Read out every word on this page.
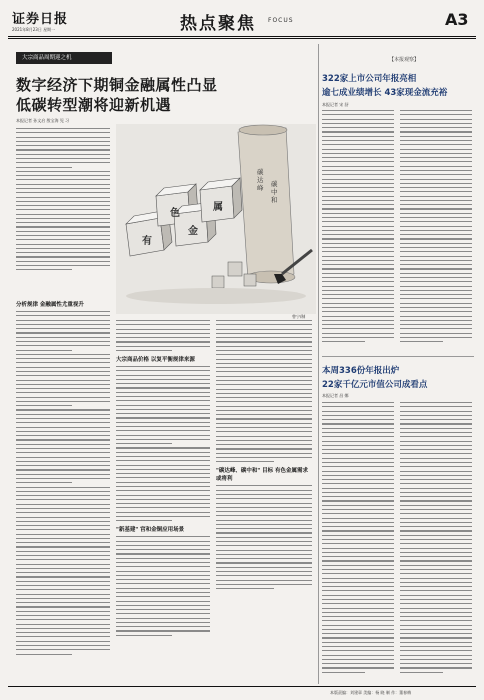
证券日报
2021年8月23日 星期一	热点聚焦 FOCUS	A3
大宗商品周期迎之机
数字经济下期铜金融属性凸显
低碳转型潮将迎新机遇
本报记者 孙文启 殷宝海 见 习
有
色
金
属
碳达峰	碳中和
曾宁/制
分析规律 金融属性尤重视升
大宗商品价格 以复平衡规律来源
"新基建" 宫和金铜应用场景
"碳达峰、碳中和" 目标 有色金属需求或将利
【本报观察】
322家上市公司年报亮相
逾七成业绩增长 43家现金流充裕
本报记者 宋 舒
本周336份年报出炉
22家千亿元市值公司成看点
本报记者 昌 娜
本版责编：刘建章 美编：杨 晓 制 作：董春梅
